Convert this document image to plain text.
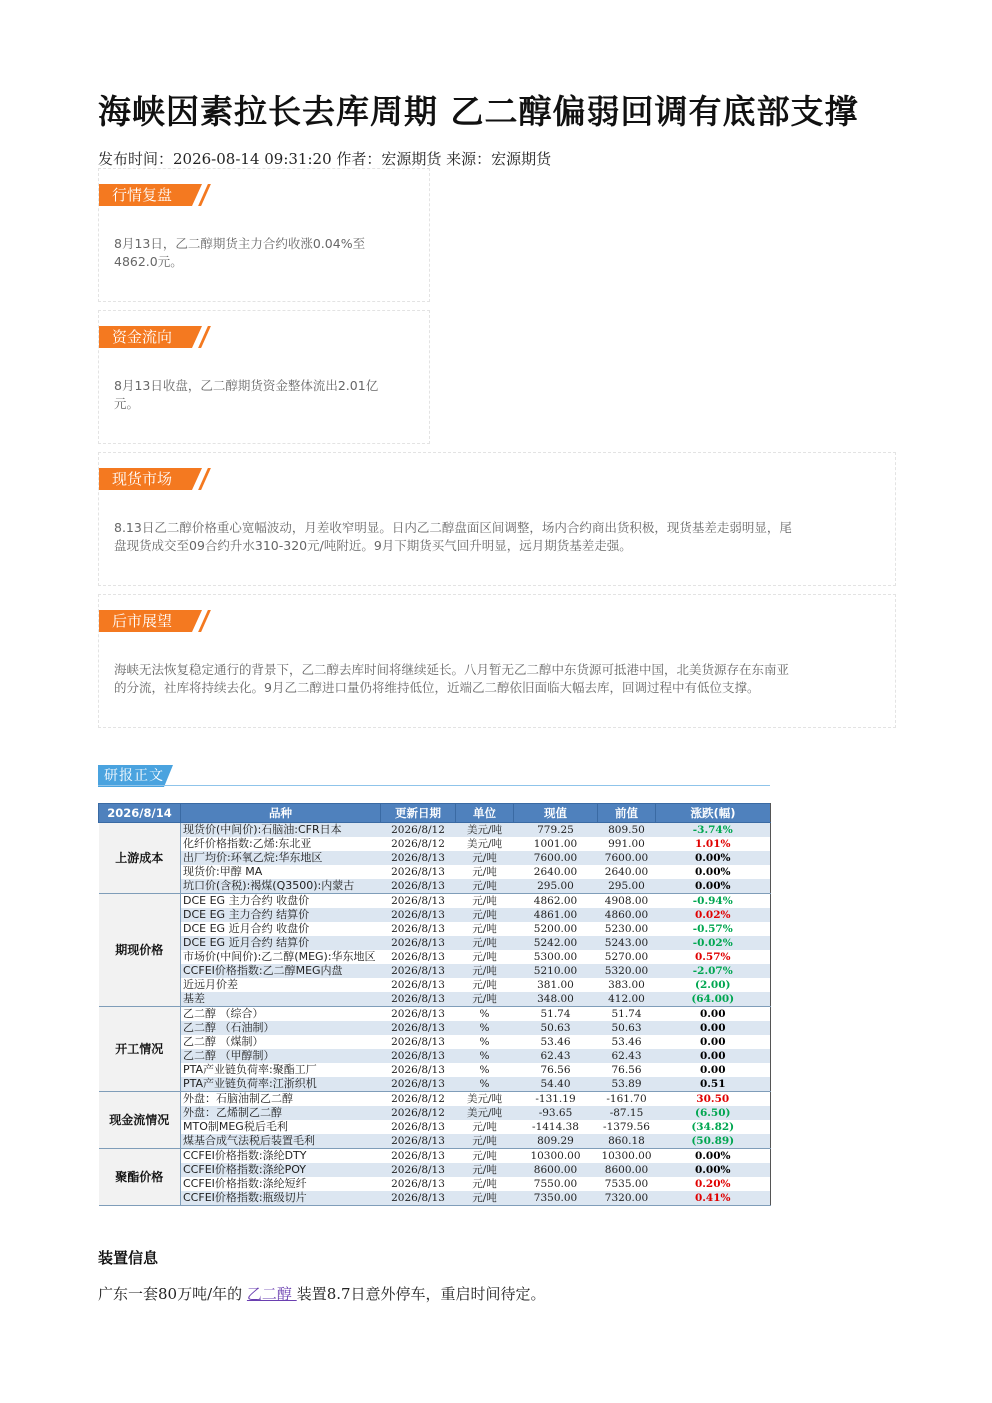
海峡因素拉长去库周期 乙二醇偏弱回调有底部支撑
发布时间：2026-08-14 09:31:20 作者：宏源期货 来源：宏源期货
行情复盘
8月13日，乙二醇期货主力合约收涨0.04%至
4862.0元。
资金流向
8月13日收盘，乙二醇期货资金整体流出2.01亿
元。
现货市场
8.13日乙二醇价格重心宽幅波动，月差收窄明显。日内乙二醇盘面区间调整，场内合约商出货积极，现货基差走弱明显，尾
盘现货成交至09合约升水310-320元/吨附近。9月下期货买气回升明显，远月期货基差走强。
后市展望
海峡无法恢复稳定通行的背景下，乙二醇去库时间将继续延长。八月暂无乙二醇中东货源可抵港中国，北美货源存在东南亚
的分流，社库将持续去化。9月乙二醇进口量仍将维持低位，近端乙二醇依旧面临大幅去库，回调过程中有低位支撑。
研报正文
2026/8/14	品种	更新日期	单位	现值	前值	涨跌(幅)
上游成本	现货价(中间价):石脑油:CFR日本	2026/8/12	美元/吨	779.25	809.50	-3.74%
	化纤价格指数:乙烯:东北亚	2026/8/12	美元/吨	1001.00	991.00	1.01%
	出厂均价:环氧乙烷:华东地区	2026/8/13	元/吨	7600.00	7600.00	0.00%
	现货价:甲醇 MA	2026/8/13	元/吨	2640.00	2640.00	0.00%
	坑口价(含税):褐煤(Q3500):内蒙古	2026/8/13	元/吨	295.00	295.00	0.00%
期现价格	DCE EG 主力合约 收盘价	2026/8/13	元/吨	4862.00	4908.00	-0.94%
	DCE EG 主力合约 结算价	2026/8/13	元/吨	4861.00	4860.00	0.02%
	DCE EG 近月合约 收盘价	2026/8/13	元/吨	5200.00	5230.00	-0.57%
	DCE EG 近月合约 结算价	2026/8/13	元/吨	5242.00	5243.00	-0.02%
	市场价(中间价):乙二醇(MEG):华东地区	2026/8/13	元/吨	5300.00	5270.00	0.57%
	CCFEI价格指数:乙二醇MEG内盘	2026/8/13	元/吨	5210.00	5320.00	-2.07%
	近远月价差	2026/8/13	元/吨	381.00	383.00	(2.00)
	基差	2026/8/13	元/吨	348.00	412.00	(64.00)
开工情况	乙二醇 （综合）	2026/8/13	%	51.74	51.74	0.00
	乙二醇 （石油制）	2026/8/13	%	50.63	50.63	0.00
	乙二醇 （煤制）	2026/8/13	%	53.46	53.46	0.00
	乙二醇 （甲醇制）	2026/8/13	%	62.43	62.43	0.00
	PTA产业链负荷率:聚酯工厂	2026/8/13	%	76.56	76.56	0.00
	PTA产业链负荷率:江浙织机	2026/8/13	%	54.40	53.89	0.51
现金流情况	外盘：石脑油制乙二醇	2026/8/12	美元/吨	-131.19	-161.70	30.50
	外盘：乙烯制乙二醇	2026/8/12	美元/吨	-93.65	-87.15	(6.50)
	MTO制MEG税后毛利	2026/8/13	元/吨	-1414.38	-1379.56	(34.82)
	煤基合成气法税后装置毛利	2026/8/13	元/吨	809.29	860.18	(50.89)
聚酯价格	CCFEI价格指数:涤纶DTY	2026/8/13	元/吨	10300.00	10300.00	0.00%
	CCFEI价格指数:涤纶POY	2026/8/13	元/吨	8600.00	8600.00	0.00%
	CCFEI价格指数:涤纶短纤	2026/8/13	元/吨	7550.00	7535.00	0.20%
	CCFEI价格指数:瓶级切片	2026/8/13	元/吨	7350.00	7320.00	0.41%
装置信息
广东一套80万吨/年的 乙二醇 装置8.7日意外停车，重启时间待定。
